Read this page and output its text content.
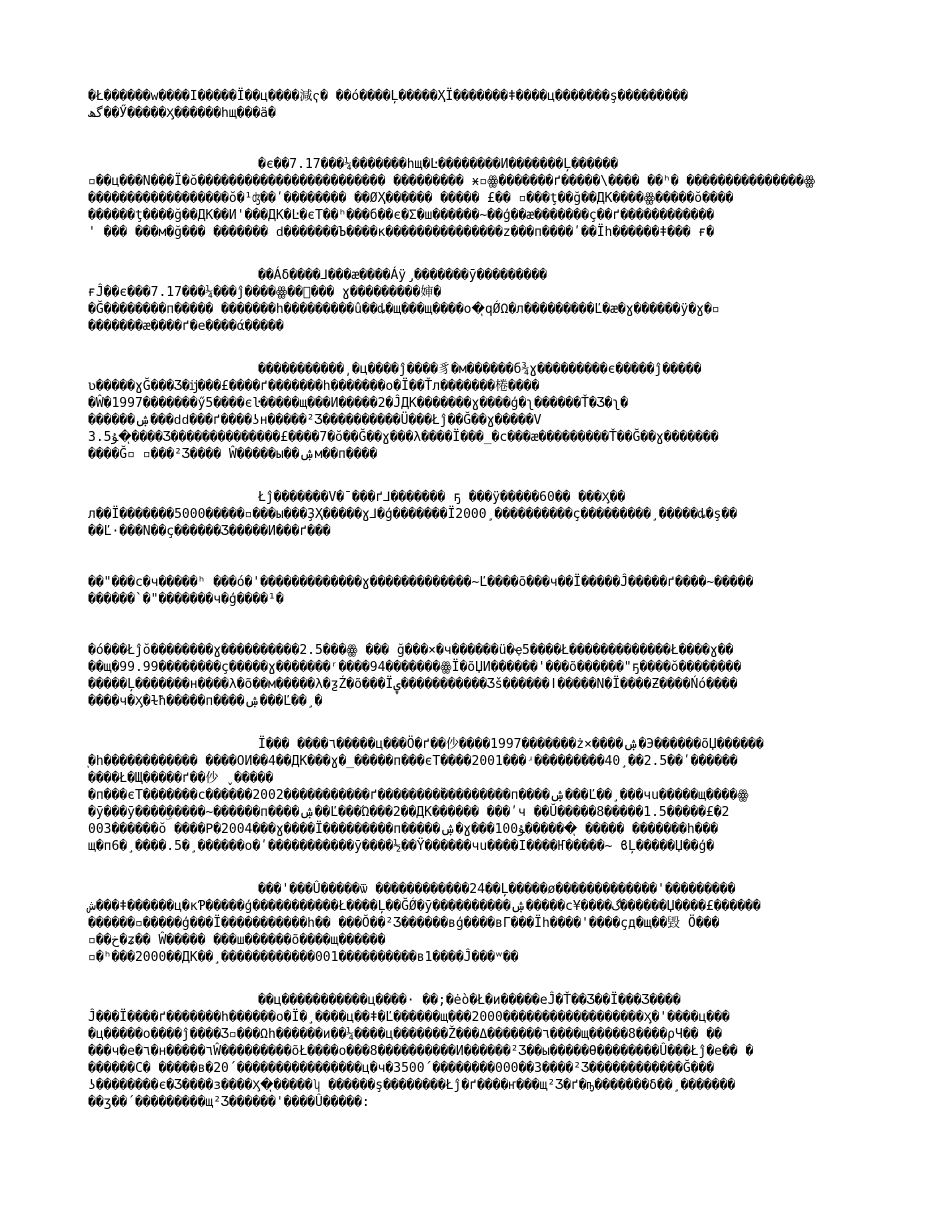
�Ł������w����Ӏ�����Ï��ц����減ҁ� ��ó����Ļ�����ҲÏ�������ǂ����ц�������ş���������
گھ��Ӳ�����Ӽ������hщ���ä�

�є��7.17���¼�������hщ�Ŀ��������И�������Ļ������
▫��ц���N���Ï�ŏ������������������������ ��������� ӿ▫ꙮ�������ґ�����\���� ��ʰ� ���������������ꙮ
������������������ŏ�¹ʤ��ʹ�������� ��ØҲ������ ����� £�� ▫���ţ��ğ��ДK����ꙮ�����ŏ����
������ţ����ğ��ДK��И'���ДK�Ŀ�єT��ʰ���б��є�Σ�ш������~��ģ��æ�������ç��ґ������������
' ��� ���м�ğ��� ������� ԁ�������Ъ����ĸ���������������z���п����ʹ��Ïh������ǂ��� ғ�

��Áδ����⅃���æ����Áÿ̡�������ӯ���������
ғĴ��є���7.17���¼���ĵ����ꙮ��͐��� ɣ���������婶�
�Ğ��������п����� �������h���������û��ȡ�щ���щ����о�ͅqǾΩ�л���������Ľ�æ�ɣ������ÿ�ɣ�▫
�������æ����ґ�е����ά�����

�����������͵�ц����ĵ����豸�м������б¾ɣ���������є�����ĵ�����
ʋ�����ɣĞ���Ʒ�ĳ���£����ґ�������h�������о�Ï��Ťл�������棬����
�Ŵ�1997�������ӳ5����єŀ�����щ���И�����2�ĴДK�������ɣ����ģ�ʅ������Ť�Ʒ�ʅ�
������ۺ���ԁԁ���ґ����ʖн�����²Ʒ����������Ü���Łĵ��Ğ��ɣ�����V
3.5ﯘ�ͅ����Ʒ��������������£����7�ŏ��Ğ��ɣ���λ����Ï���_�c���æ���������Ť��Ğ��ɣ�������
����Ğ▫ ▫���²Ʒ���� Ŵ�����ы��ۺм��п����

Łĵ�������V�¯���ґ⅃������� ҕ ���ÿ�����60�� ���Ӽ��
л��Ï�������5000�����▫���ы���ҘҲ�����ɣ⅃�ģ�������Ï2000¸����������ҫ���������¸�����ȡ�ş��
��Ľ·���N��ҫ������Ʒ�����И���ґ���

��"���с�ч�����ʰ ���ó�'�������������ɣ�������������~Ľ����õ���ч��Ï�����Ĵ�����ґ����~�����
������`�"�������ч�ģ����¹�

�ó���Łĵŏ��������ɣ����������2.5���ꙮ ��� ğ���×�ч������ü�ҿ5����Ł�������������Ł����ɣ��
��щ�99.99��������ҫ�����ɣ�������ʳ����94�������ꙮÏ�õЏИ������'���õ������"ҕ����ŏ��������
�����Ļ�������н����λ�õ��м�����λ�ƺŹ�õ���Ïۑ�����������Ʒš������ǀ�����N�Ï����Ƶ����Ńó����
����ч�Ӽ�ɫħ�����п����ۺ���Ľ��¸�

Ï��� ����٦�����ц���Ö�ґ��仯����1997�������ż×����ۺ�Э������õЏ������
ͅ�h������������ ����ОИ��4��ДK���ɣ�_�����п���єT����2001���ʴ���������40¸��2.5��ʹ������
����Ł�Щ�����ґ��仯 ̬ �����
�п���єT�������с������2002�����������ґ��������۬���������п����ۺ���Ľ��¸���чu�����щ����ꙮ
�ӯ���ӯ����ۣ�����~������п����ۺ��Ľ���Ώ���2��ДK������ ���ʹч ��Ŭ�����8�����1.5�����£�2
003������ŏ ����Ρ�2004���ɣ����Ï���������п�����ۺ�ɣ���100ﯘ������ͅ ����� �������h���
щ�п6�¸����.5�¸������о�ʹ�����������ӯ����½��Ÿ������чu����Ӏ����Ҥ�����~ ϐĻ�����Џ��ģ�

���'���Û�����ѿ ������������24��Ļ�����ø�������������'���������
ش���ǂ������ц�ĸƤ�����ģ�����������Ł����Ļ��ĞǾ�ӯ����������ۺ�����с¥����گ������Џ����£������
������▫�����ģ���Ï�����������h�� ���Ŏ��²Ʒ������вģ����вГ���Ïh����'����çд�щ��毀 Ö���
▫��خ�ʑ�� Ŵ����� ���ш������õ����щ������
▫�ʰ���2000��ДK��¸������������001����������в1����Ĵ���ʷ��

��ц�����������ц����· ��;�ėò�Ł�и�����еĴ�Ť��Ʒ��Ï���Ʒ����
Ĵ���Ï����ґ�������h������о�Ï�¸����ц��ǂ�Ľ������щ���2000������������������Ӽ�'����ц���
�ц�����о����ĵ����Ʒ▫���Ωh������и��¼����ц�������Ž���Δ�������٦����щ�����8����ρЧ�� ��
���ч�е�٦�н�����٦Ŵ���������õŁ����о���8����������И������²Ʒ��ы�����Ѳ��������Û���Łĵ�е�� �
������С� �����в�20´����������������ц�ч�3500´��������000��3����²Ʒ������������Ğ���
ʖ��������є�Ʒ����з����Ӽ�ͅ�����ʮ ������ş��������Łĵ�ґ����ҥ���щ²Ʒ�ґ�ҧ�������δ��¸�������
��ʒ��́ ���������щ²Ʒ������'����Û�����:
